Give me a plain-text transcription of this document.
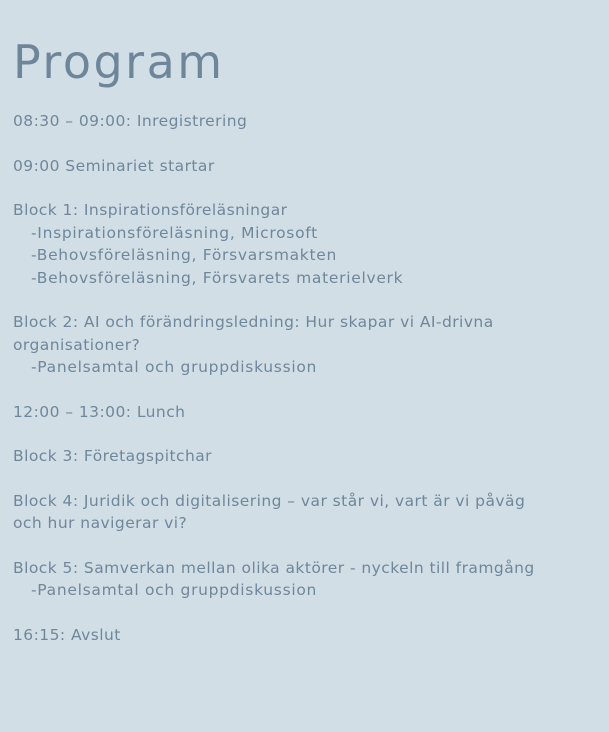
Program
08:30 – 09:00: Inregistrering
09:00 Seminariet startar
Block 1: Inspirationsföreläsningar
-Inspirationsföreläsning, Microsoft
-Behovsföreläsning, Försvarsmakten
-Behovsföreläsning, Försvarets materielverk
Block 2: AI och förändringsledning: Hur skapar vi AI-drivna
organisationer?
-Panelsamtal och gruppdiskussion
12:00 – 13:00: Lunch
Block 3: Företagspitchar
Block 4: Juridik och digitalisering – var står vi, vart är vi påväg
och hur navigerar vi?
Block 5: Samverkan mellan olika aktörer - nyckeln till framgång
-Panelsamtal och gruppdiskussion
16:15: Avslut
